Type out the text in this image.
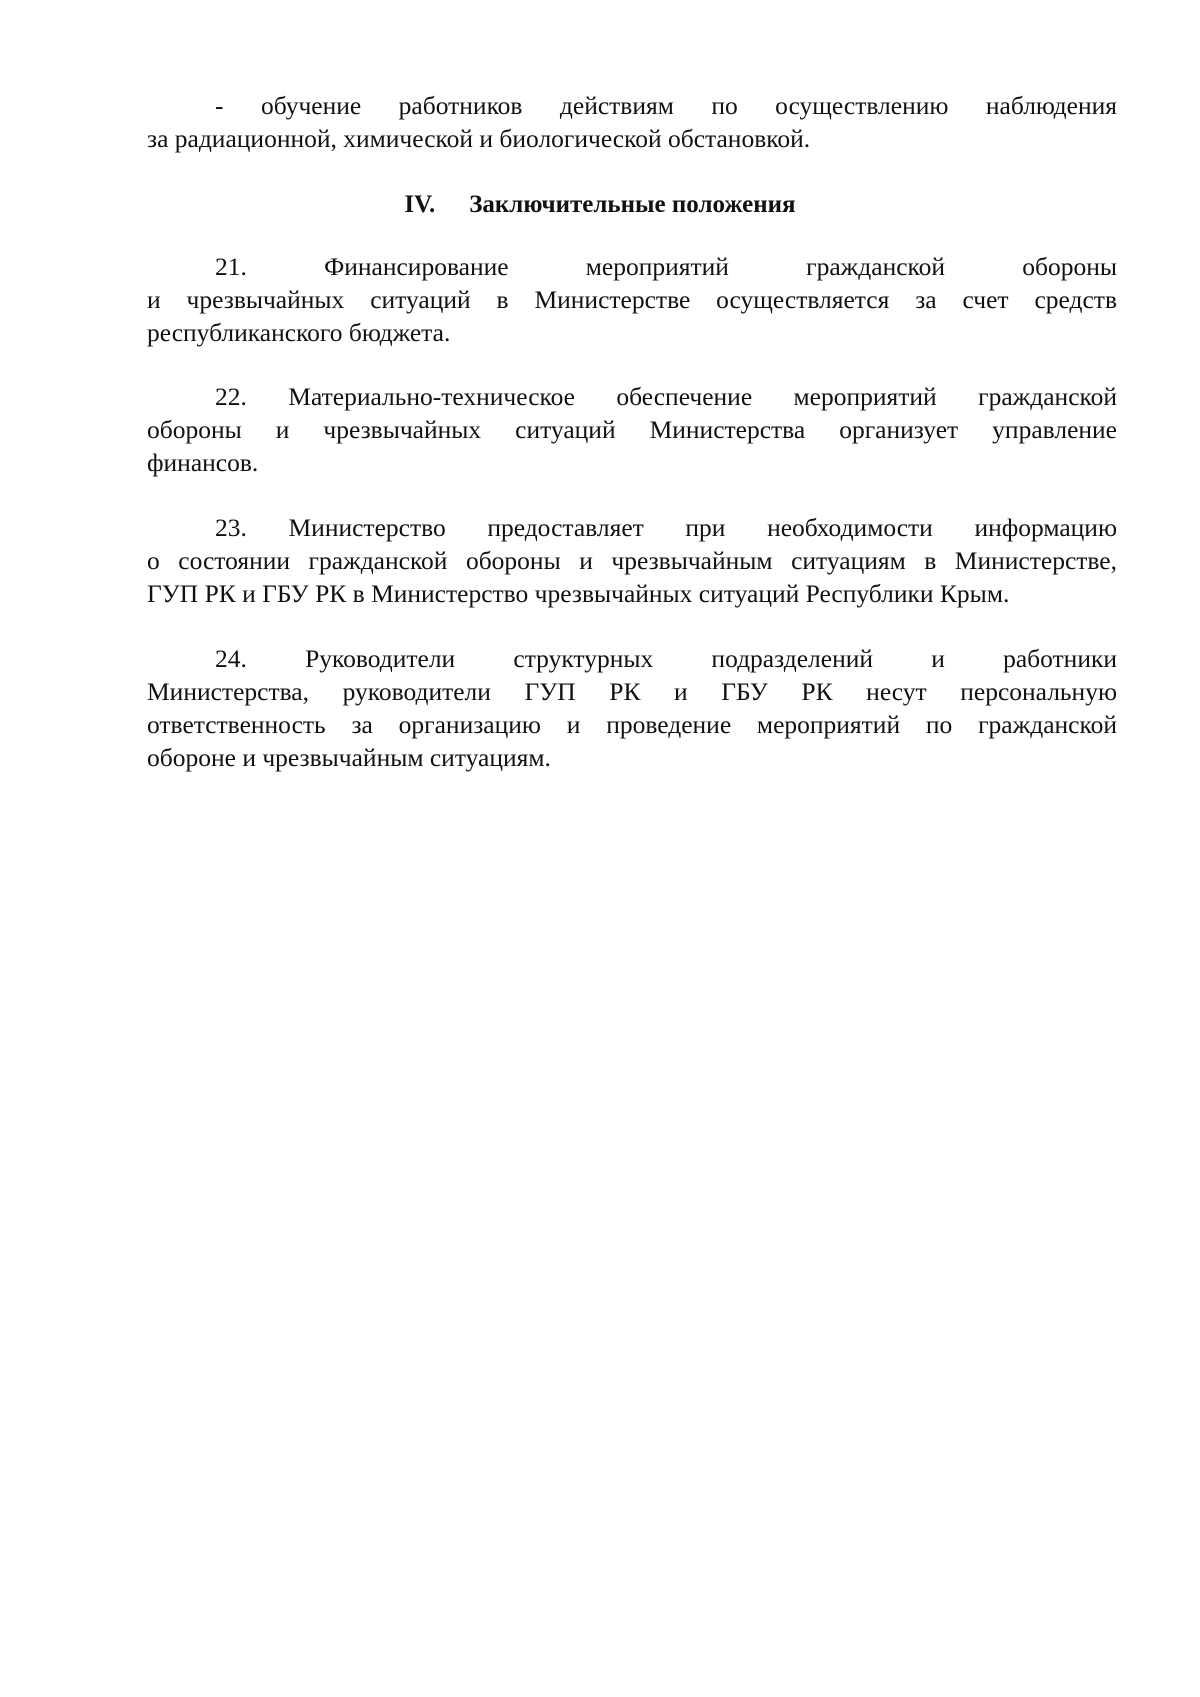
- обучение работников действиям по осуществлению наблюдения
за радиационной, химической и биологической обстановкой.

IV. Заключительные положения

21. Финансирование мероприятий гражданской обороны
и чрезвычайных ситуаций в Министерстве осуществляется за счет средств
республиканского бюджета.

22. Материально-техническое обеспечение мероприятий гражданской
обороны и чрезвычайных ситуаций Министерства организует управление
финансов.

23. Министерство предоставляет при необходимости информацию
о состоянии гражданской обороны и чрезвычайным ситуациям в Министерстве,
ГУП РК и ГБУ РК в Министерство чрезвычайных ситуаций Республики Крым.

24. Руководители структурных подразделений и работники
Министерства, руководители ГУП РК и ГБУ РК несут персональную
ответственность за организацию и проведение мероприятий по гражданской
обороне и чрезвычайным ситуациям.
